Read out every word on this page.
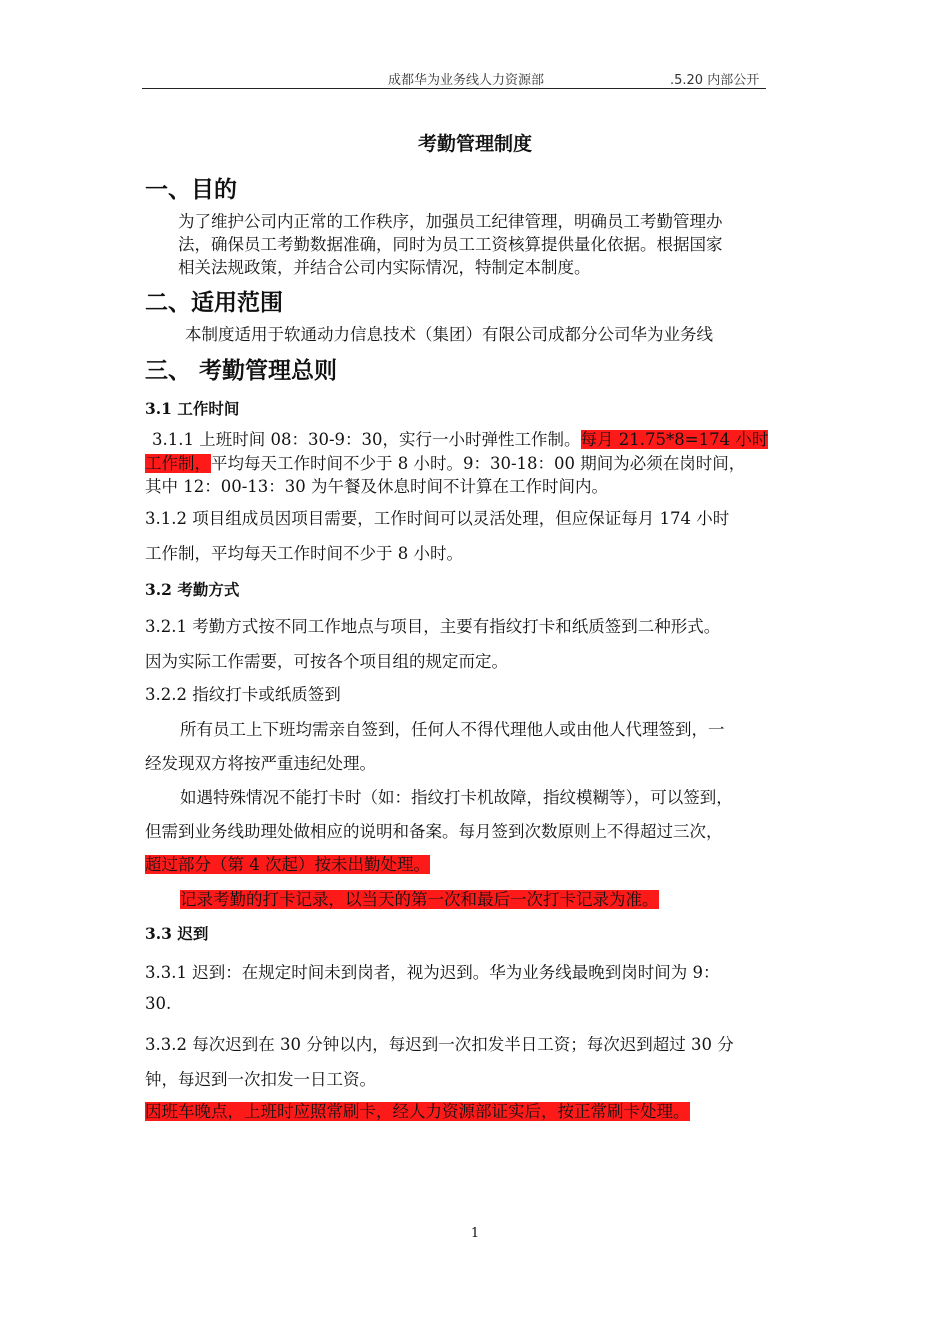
成都华为业务线人力资源部	.5.20 内部公开
考勤管理制度
一、目的
为了维护公司内正常的工作秩序，加强员工纪律管理，明确员工考勤管理办
法，确保员工考勤数据准确，同时为员工工资核算提供量化依据。根据国家
相关法规政策，并结合公司内实际情况，特制定本制度。
二、适用范围
本制度适用于软通动力信息技术（集团）有限公司成都分公司华为业务线
三、 考勤管理总则
3.1 工作时间
3.1.1 上班时间 08：30-9：30，实行一小时弹性工作制。每月 21.75*8=174 小时
工作制，平均每天工作时间不少于 8 小时。9：30-18：00 期间为必须在岗时间，
其中 12：00-13：30 为午餐及休息时间不计算在工作时间内。
3.1.2 项目组成员因项目需要，工作时间可以灵活处理，但应保证每月 174 小时
工作制，平均每天工作时间不少于 8 小时。
3.2 考勤方式
3.2.1 考勤方式按不同工作地点与项目，主要有指纹打卡和纸质签到二种形式。
因为实际工作需要，可按各个项目组的规定而定。
3.2.2 指纹打卡或纸质签到
所有员工上下班均需亲自签到，任何人不得代理他人或由他人代理签到，一
经发现双方将按严重违纪处理。
如遇特殊情况不能打卡时（如：指纹打卡机故障，指纹模糊等），可以签到，
但需到业务线助理处做相应的说明和备案。每月签到次数原则上不得超过三次，
超过部分（第 4 次起）按未出勤处理。
记录考勤的打卡记录，以当天的第一次和最后一次打卡记录为准。
3.3 迟到
3.3.1 迟到：在规定时间未到岗者，视为迟到。华为业务线最晚到岗时间为 9：
30.
3.3.2 每次迟到在 30 分钟以内，每迟到一次扣发半日工资；每次迟到超过 30 分
钟，每迟到一次扣发一日工资。
因班车晚点，上班时应照常刷卡，经人力资源部证实后，按正常刷卡处理。
1
